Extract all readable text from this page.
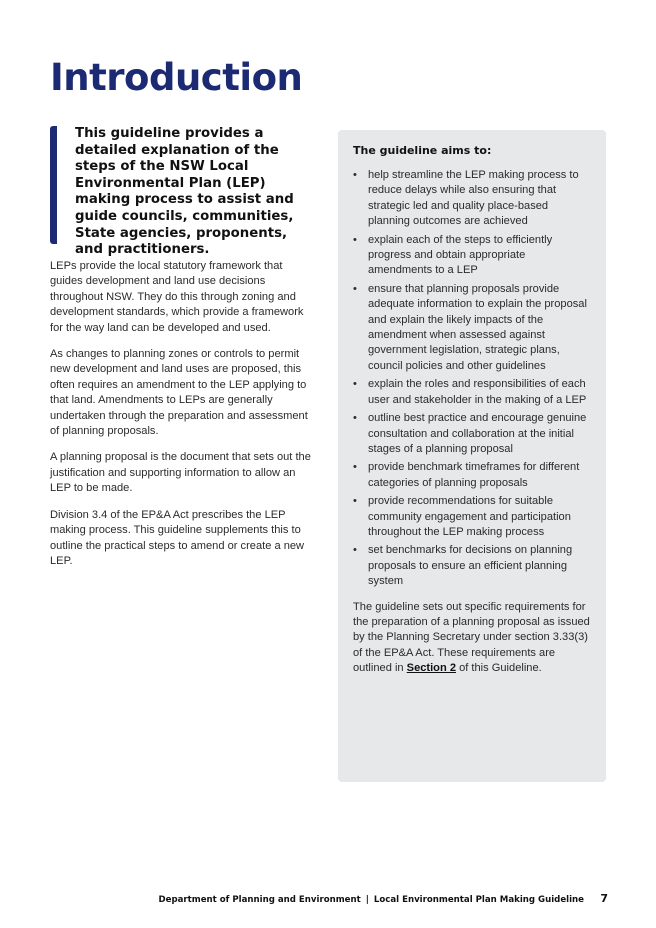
Introduction

This guideline provides a detailed explanation of the steps of the NSW Local Environmental Plan (LEP) making process to assist and guide councils, communities, State agencies, proponents, and practitioners.

LEPs provide the local statutory framework that guides development and land use decisions throughout NSW. They do this through zoning and development standards, which provide a framework for the way land can be developed and used.

As changes to planning zones or controls to permit new development and land uses are proposed, this often requires an amendment to the LEP applying to that land. Amendments to LEPs are generally undertaken through the preparation and assessment of planning proposals.

A planning proposal is the document that sets out the justification and supporting information to allow an LEP to be made.

Division 3.4 of the EP&A Act prescribes the LEP making process. This guideline supplements this to outline the practical steps to amend or create a new LEP.

The guideline aims to:

• help streamline the LEP making process to reduce delays while also ensuring that strategic led and quality place-based planning outcomes are achieved
• explain each of the steps to efficiently progress and obtain appropriate amendments to a LEP
• ensure that planning proposals provide adequate information to explain the proposal and explain the likely impacts of the amendment when assessed against government legislation, strategic plans, council policies and other guidelines
• explain the roles and responsibilities of each user and stakeholder in the making of a LEP
• outline best practice and encourage genuine consultation and collaboration at the initial stages of a planning proposal
• provide benchmark timeframes for different categories of planning proposals
• provide recommendations for suitable community engagement and participation throughout the LEP making process
• set benchmarks for decisions on planning proposals to ensure an efficient planning system

The guideline sets out specific requirements for the preparation of a planning proposal as issued by the Planning Secretary under section 3.33(3) of the EP&A Act. These requirements are outlined in Section 2 of this Guideline.

Department of Planning and Environment | Local Environmental Plan Making Guideline 7
